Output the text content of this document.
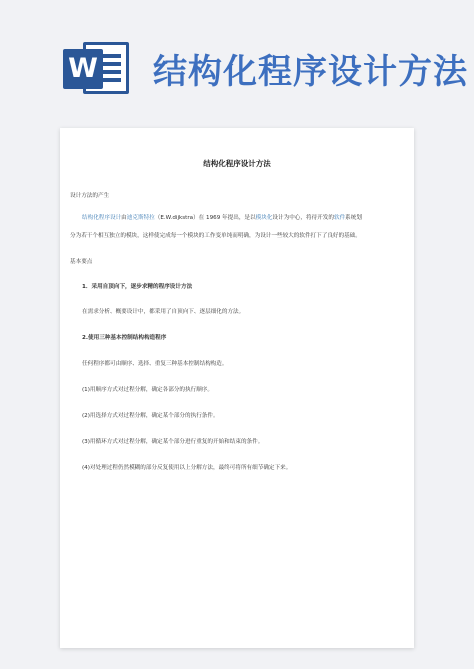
W 结构化程序设计方法
结构化程序设计方法
设计方法的产生
结构化程序设计由迪克斯特拉（E.W.dijkstra）在 1969 年提出，是以模块化设计为中心，将待开发的软件系统划
分为若干个相互独立的模块，这样使完成每一个模块的工作变单纯而明确，为设计一些较大的软件打下了良好的基础。
基本要点
1．采用自顶向下，逐步求精的程序设计方法
在需求分析、概要设计中，都采用了自顶向下、逐层细化的方法。
2.使用三种基本控制结构构造程序
任何程序都可由顺序、选择、重复三种基本控制结构构造。
(1)用顺序方式对过程分解，确定各部分的执行顺序。
(2)用选择方式对过程分解，确定某个部分的执行条件。
(3)用循环方式对过程分解，确定某个部分进行重复的开始和结束的条件。
(4)对处理过程仍然模糊的部分反复使用以上分解方法，最终可将所有细节确定下来。
